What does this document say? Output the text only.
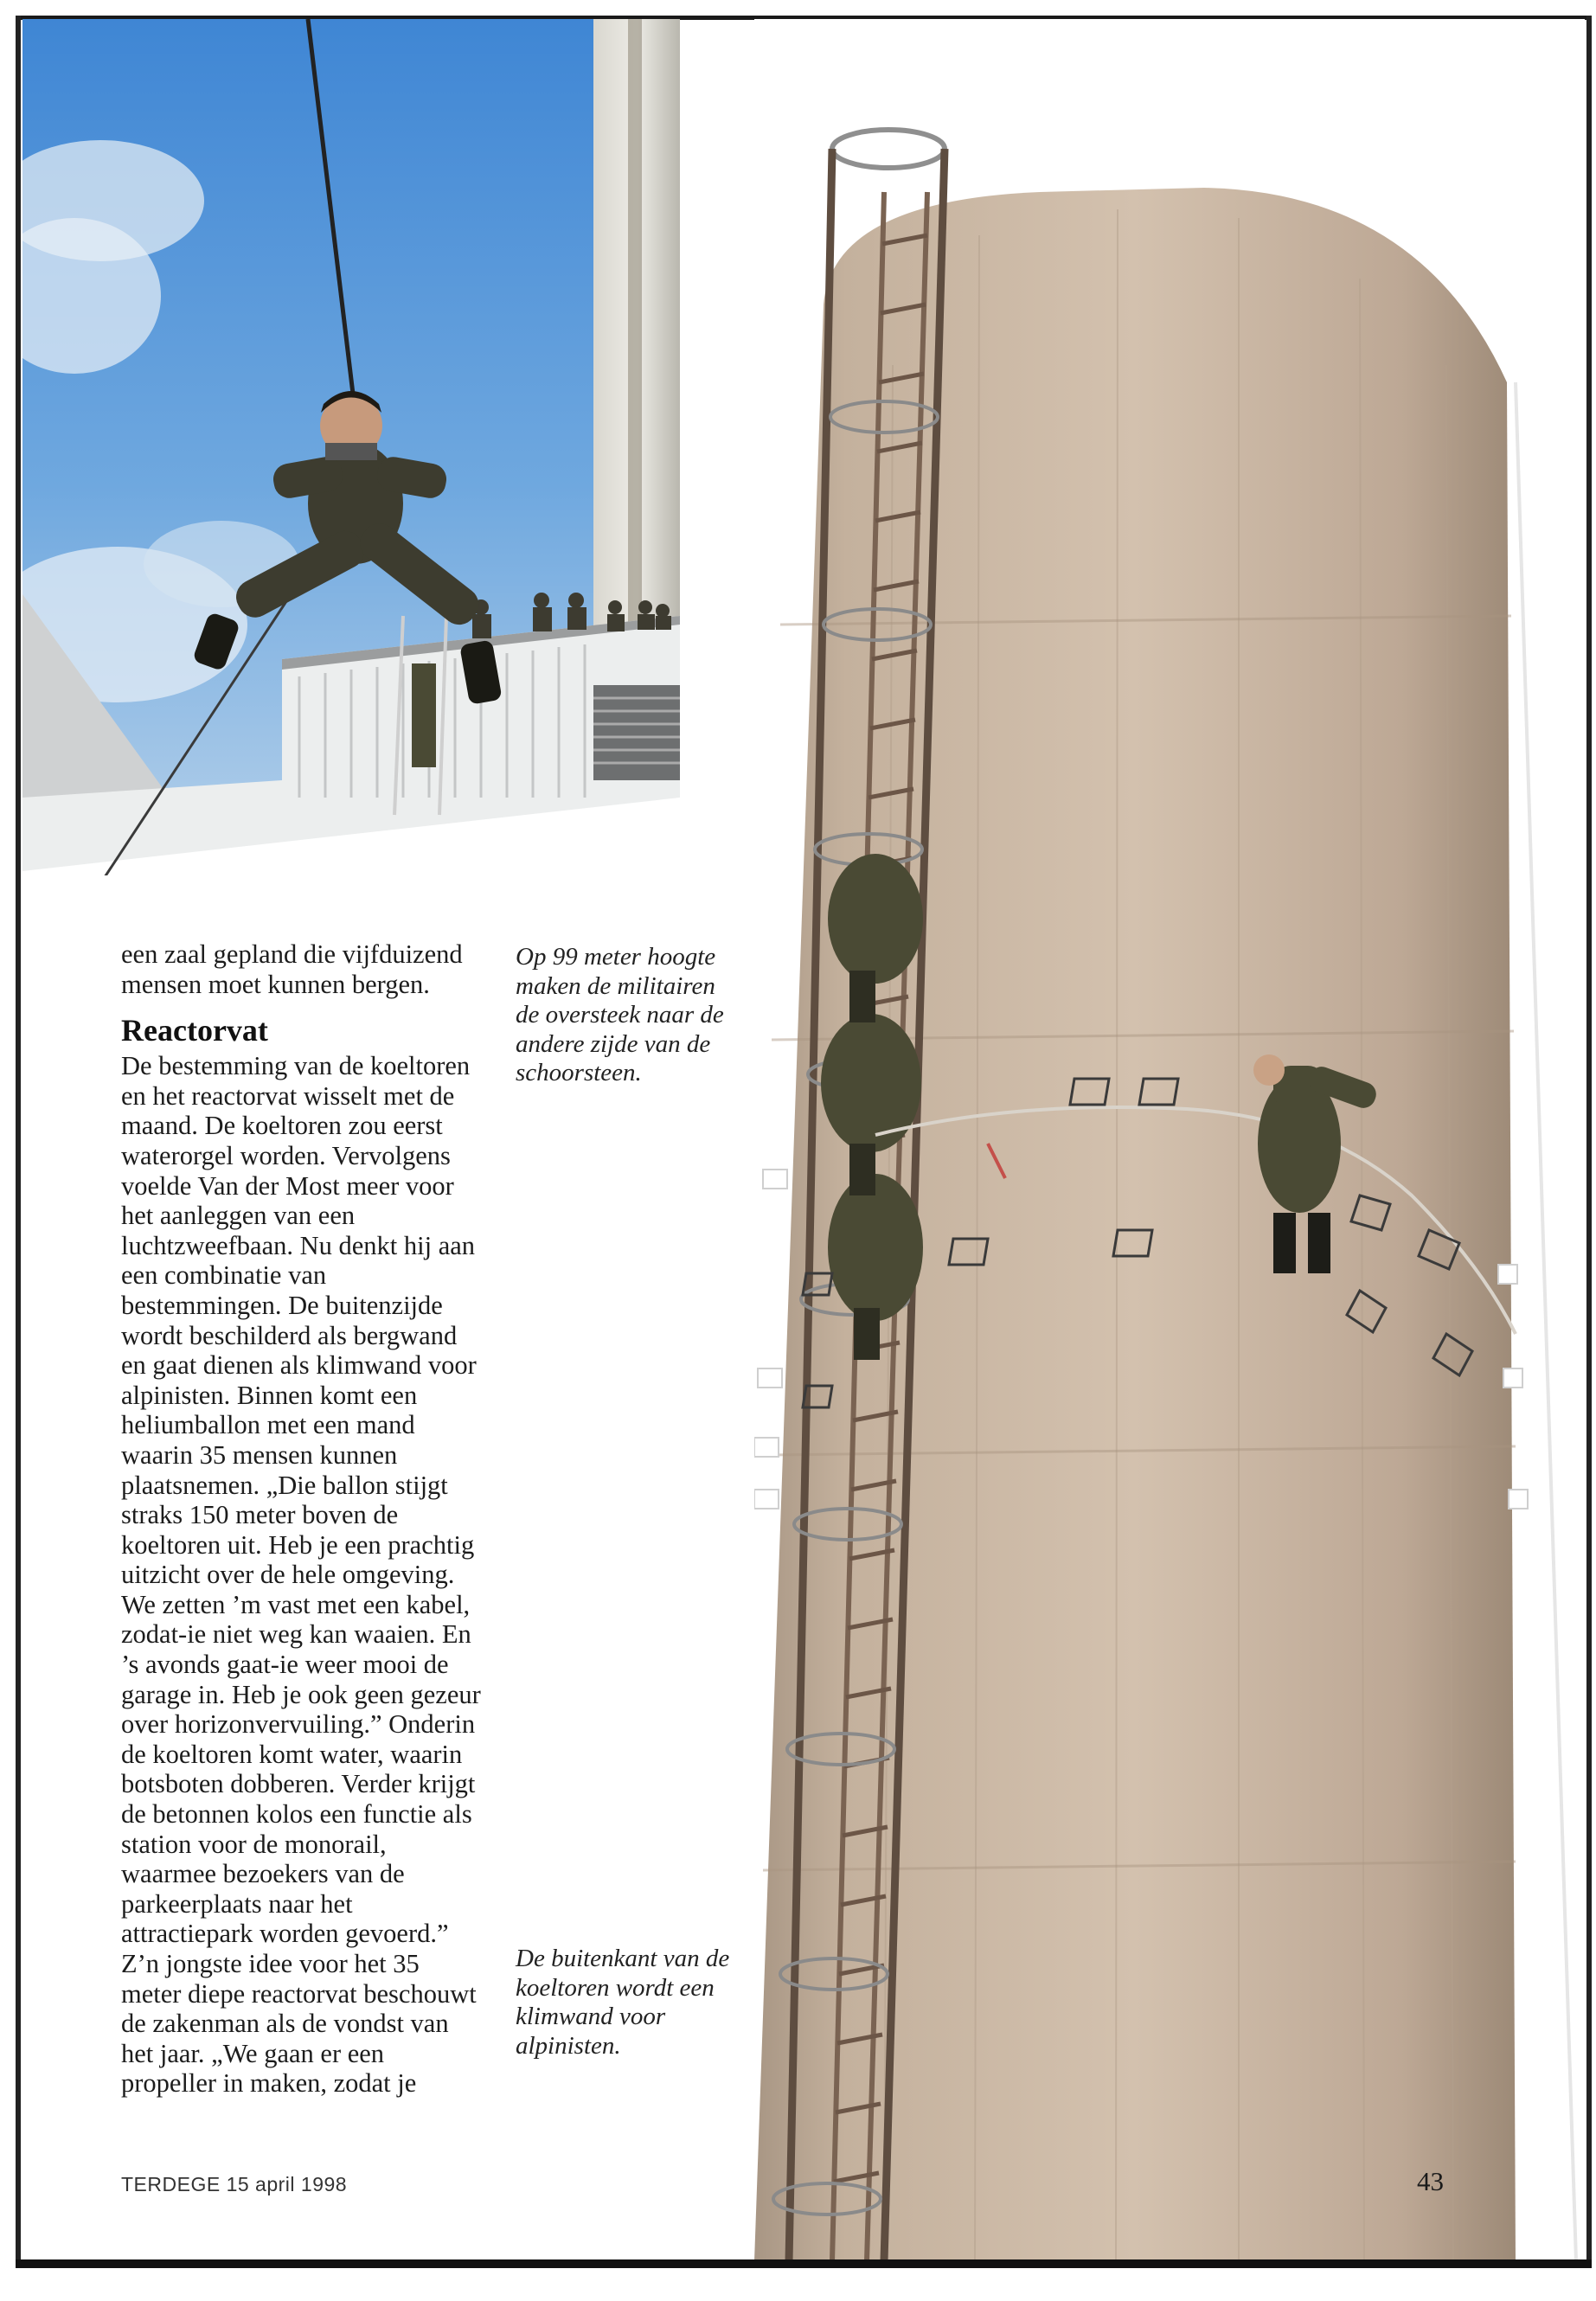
een zaal gepland die vijfduizend mensen moet kunnen bergen.

Reactorvat

De bestemming van de koeltoren en het reactorvat wisselt met de maand. De koeltoren zou eerst waterorgel worden. Vervolgens voelde Van der Most meer voor het aanleggen van een luchtzweefbaan. Nu denkt hij aan een combinatie van bestemmingen. De buitenzijde wordt beschilderd als bergwand en gaat dienen als klimwand voor alpinisten. Binnen komt een heliumballon met een mand waarin 35 mensen kunnen plaatsnemen. „Die ballon stijgt straks 150 meter boven de koeltoren uit. Heb je een prachtig uitzicht over de hele omgeving. We zetten ’m vast met een kabel, zodat-ie niet weg kan waaien. En ’s avonds gaat-ie weer mooi de garage in. Heb je ook geen gezeur over horizonvervuiling.” Onderin de koeltoren komt water, waarin botsboten dobberen. Verder krijgt de betonnen kolos een functie als station voor de monorail, waarmee bezoekers van de parkeerplaats naar het attractiepark worden gevoerd.” Z’n jongste idee voor het 35 meter diepe reactorvat beschouwt de zakenman als de vondst van het jaar. „We gaan er een propeller in maken, zodat je

Op 99 meter hoogte maken de militairen de oversteek naar de andere zijde van de schoorsteen.
De buitenkant van de koeltoren wordt een klimwand voor alpinisten.
TERDEGE 15 april 1998	43
